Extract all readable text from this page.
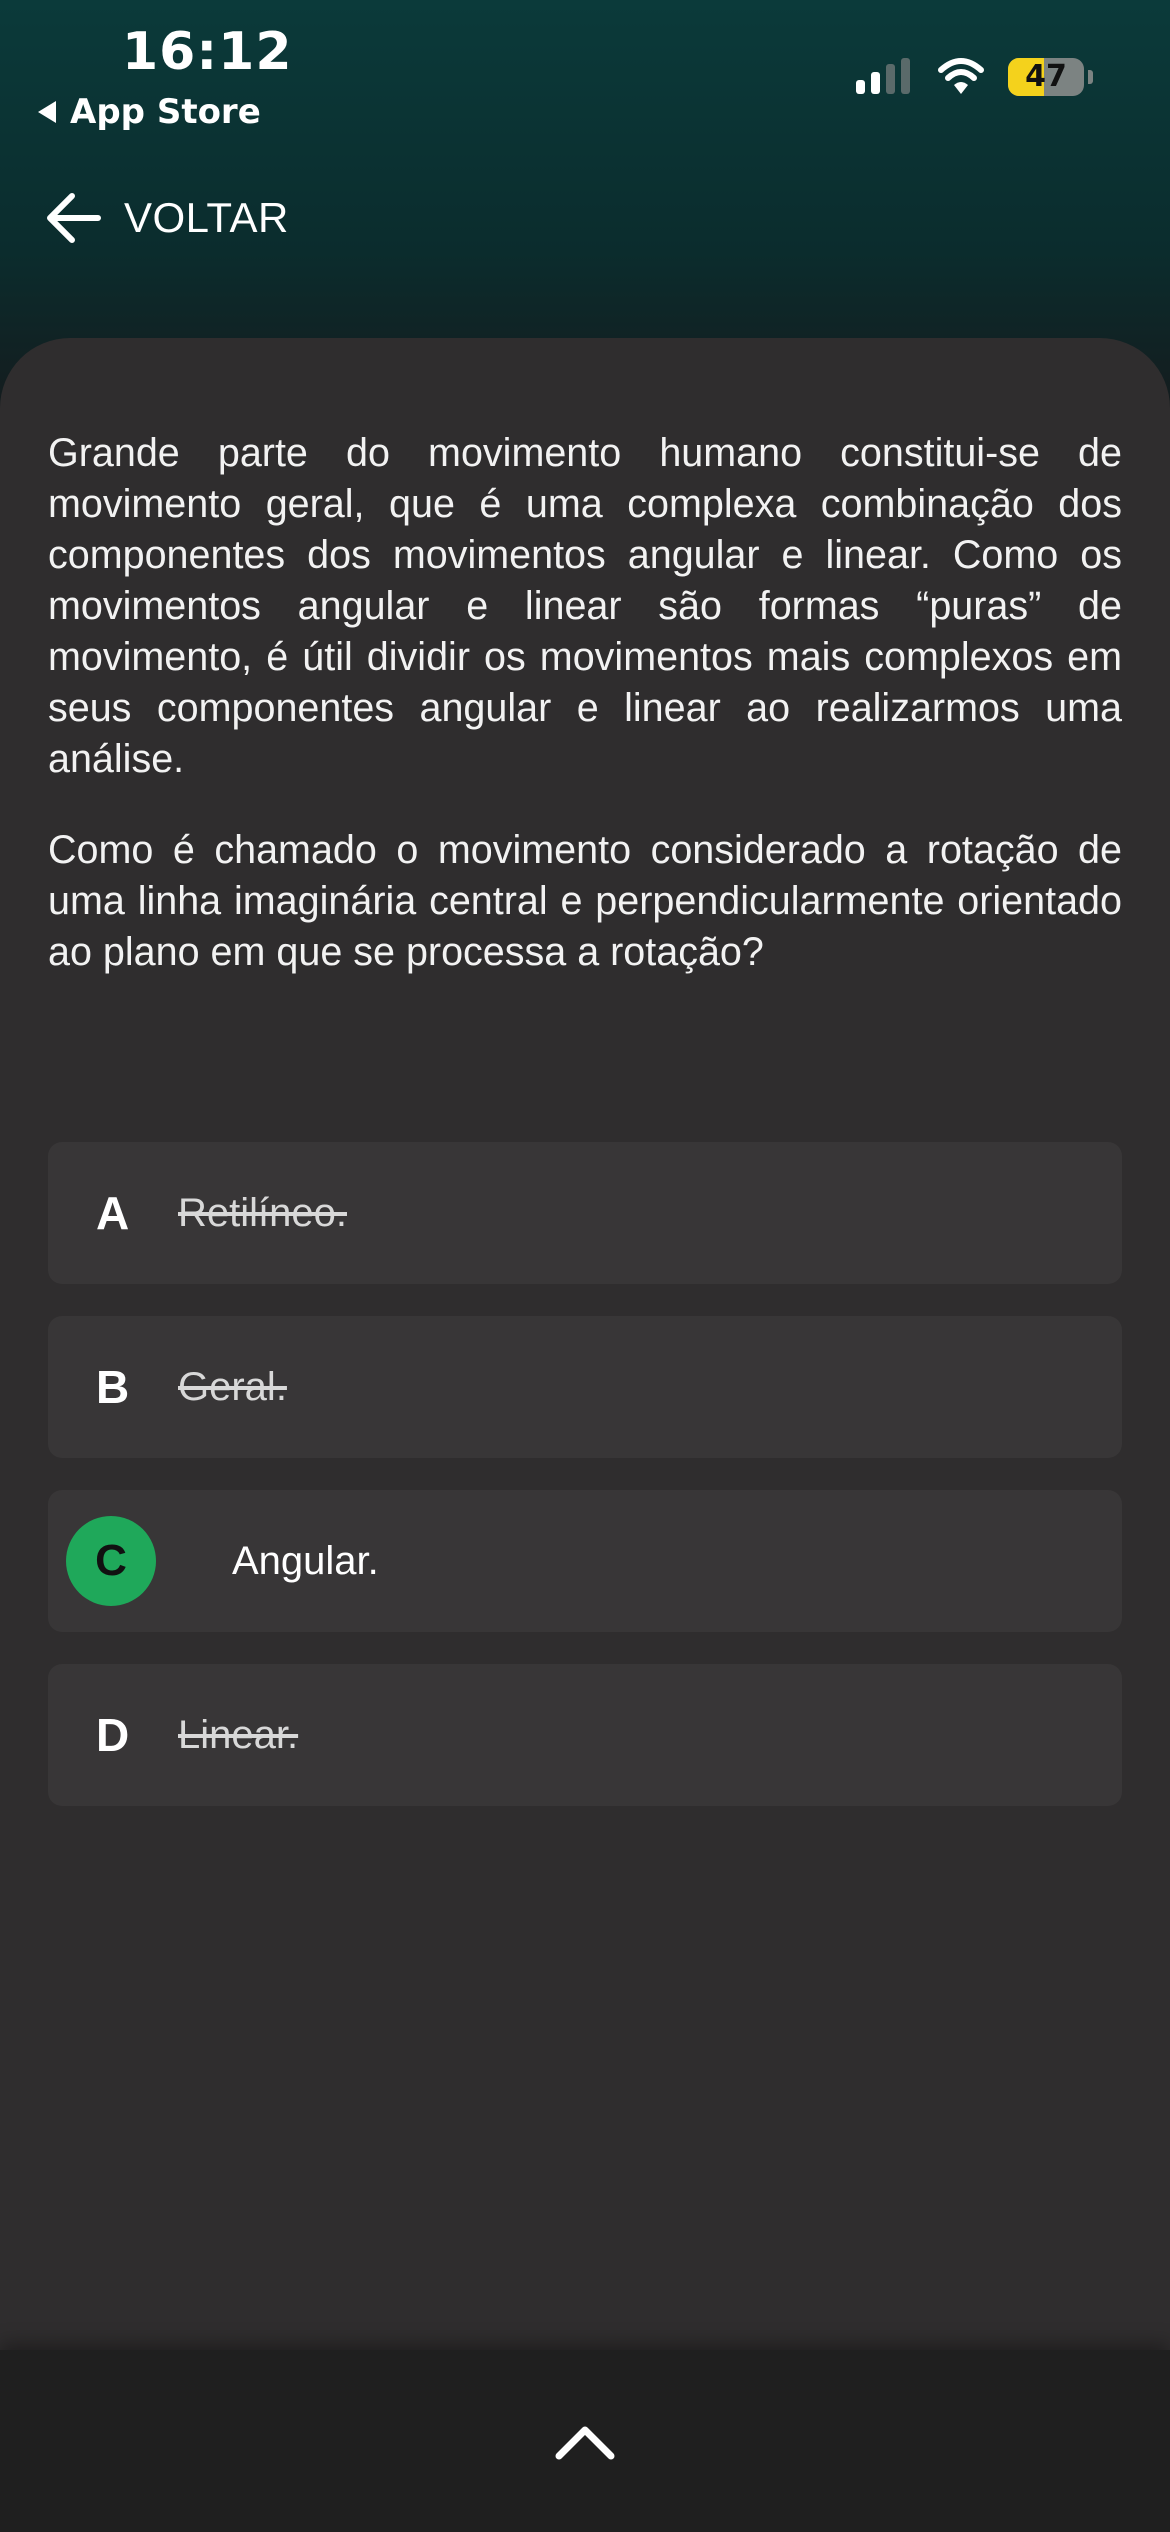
16:12
App Store
47
VOLTAR

Grande parte do movimento humano constitui-se de movimento geral, que é uma complexa combinação dos componentes dos movimentos angular e linear. Como os movimentos angular e linear são formas “puras” de movimento, é útil dividir os movimentos mais complexos em seus componentes angular e linear ao realizarmos uma análise.

Como é chamado o movimento considerado a rotação de uma linha imaginária central e perpendicularmente orientado ao plano em que se processa a rotação?

A	Retilíneo.
B	Geral.
C	Angular.
D	Linear.
